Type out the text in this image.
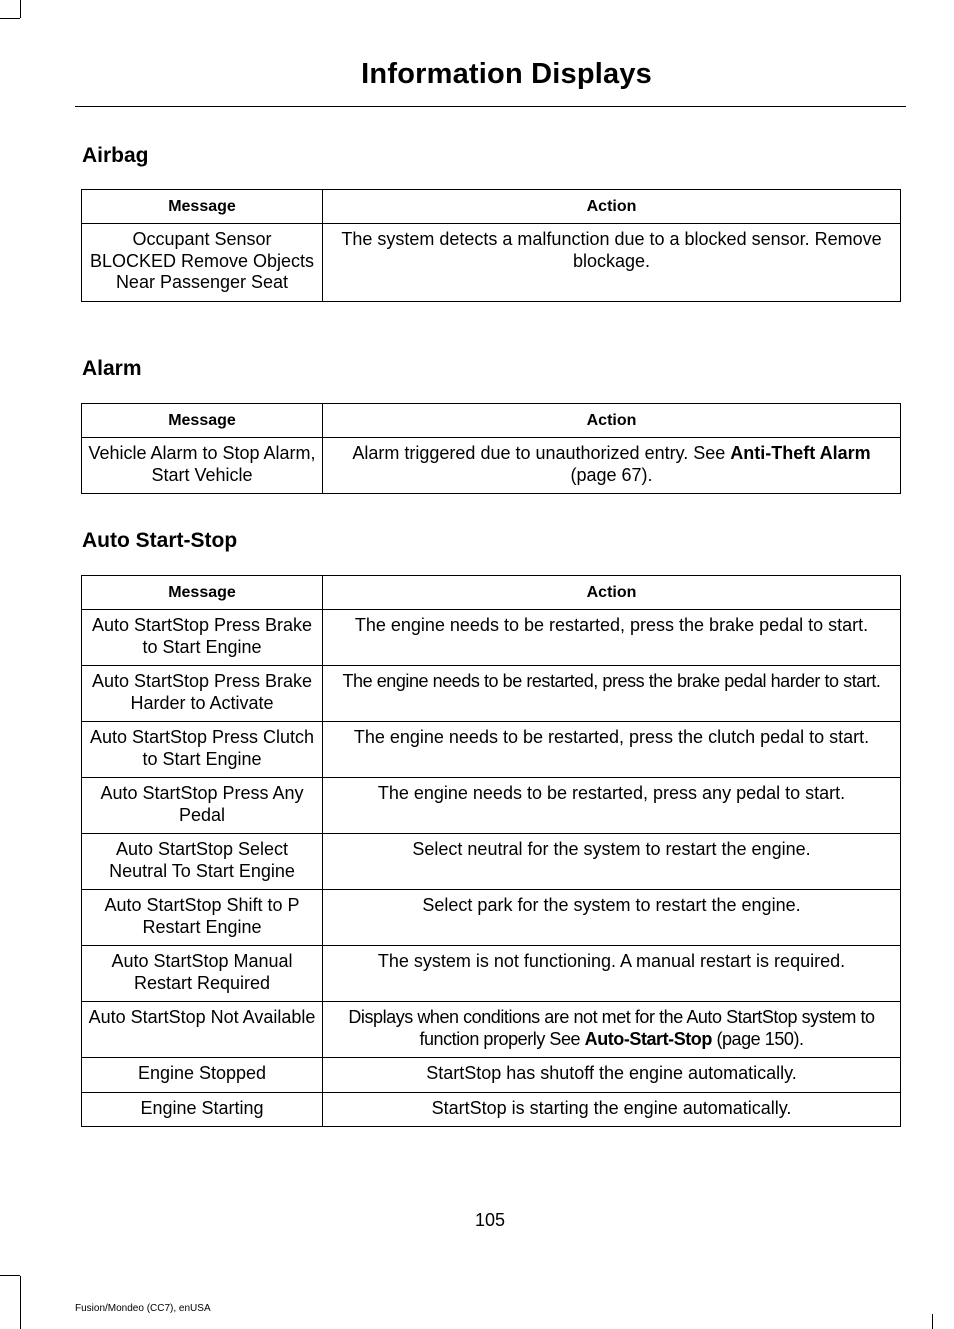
Information Displays
Airbag
Message	Action
Occupant Sensor BLOCKED Remove Objects Near Passenger Seat	The system detects a malfunction due to a blocked sensor. Remove blockage.
Alarm
Message	Action
Vehicle Alarm to Stop Alarm, Start Vehicle	Alarm triggered due to unauthorized entry. See Anti-Theft Alarm (page 67).
Auto Start-Stop
Message	Action
Auto StartStop Press Brake to Start Engine	The engine needs to be restarted, press the brake pedal to start.
Auto StartStop Press Brake Harder to Activate	The engine needs to be restarted, press the brake pedal harder to start.
Auto StartStop Press Clutch to Start Engine	The engine needs to be restarted, press the clutch pedal to start.
Auto StartStop Press Any Pedal	The engine needs to be restarted, press any pedal to start.
Auto StartStop Select Neutral To Start Engine	Select neutral for the system to restart the engine.
Auto StartStop Shift to P Restart Engine	Select park for the system to restart the engine.
Auto StartStop Manual Restart Required	The system is not functioning. A manual restart is required.
Auto StartStop Not Available	Displays when conditions are not met for the Auto StartStop system to function properly See Auto-Start-Stop (page 150).
Engine Stopped	StartStop has shutoff the engine automatically.
Engine Starting	StartStop is starting the engine automatically.
105
Fusion/Mondeo (CC7), enUSA
